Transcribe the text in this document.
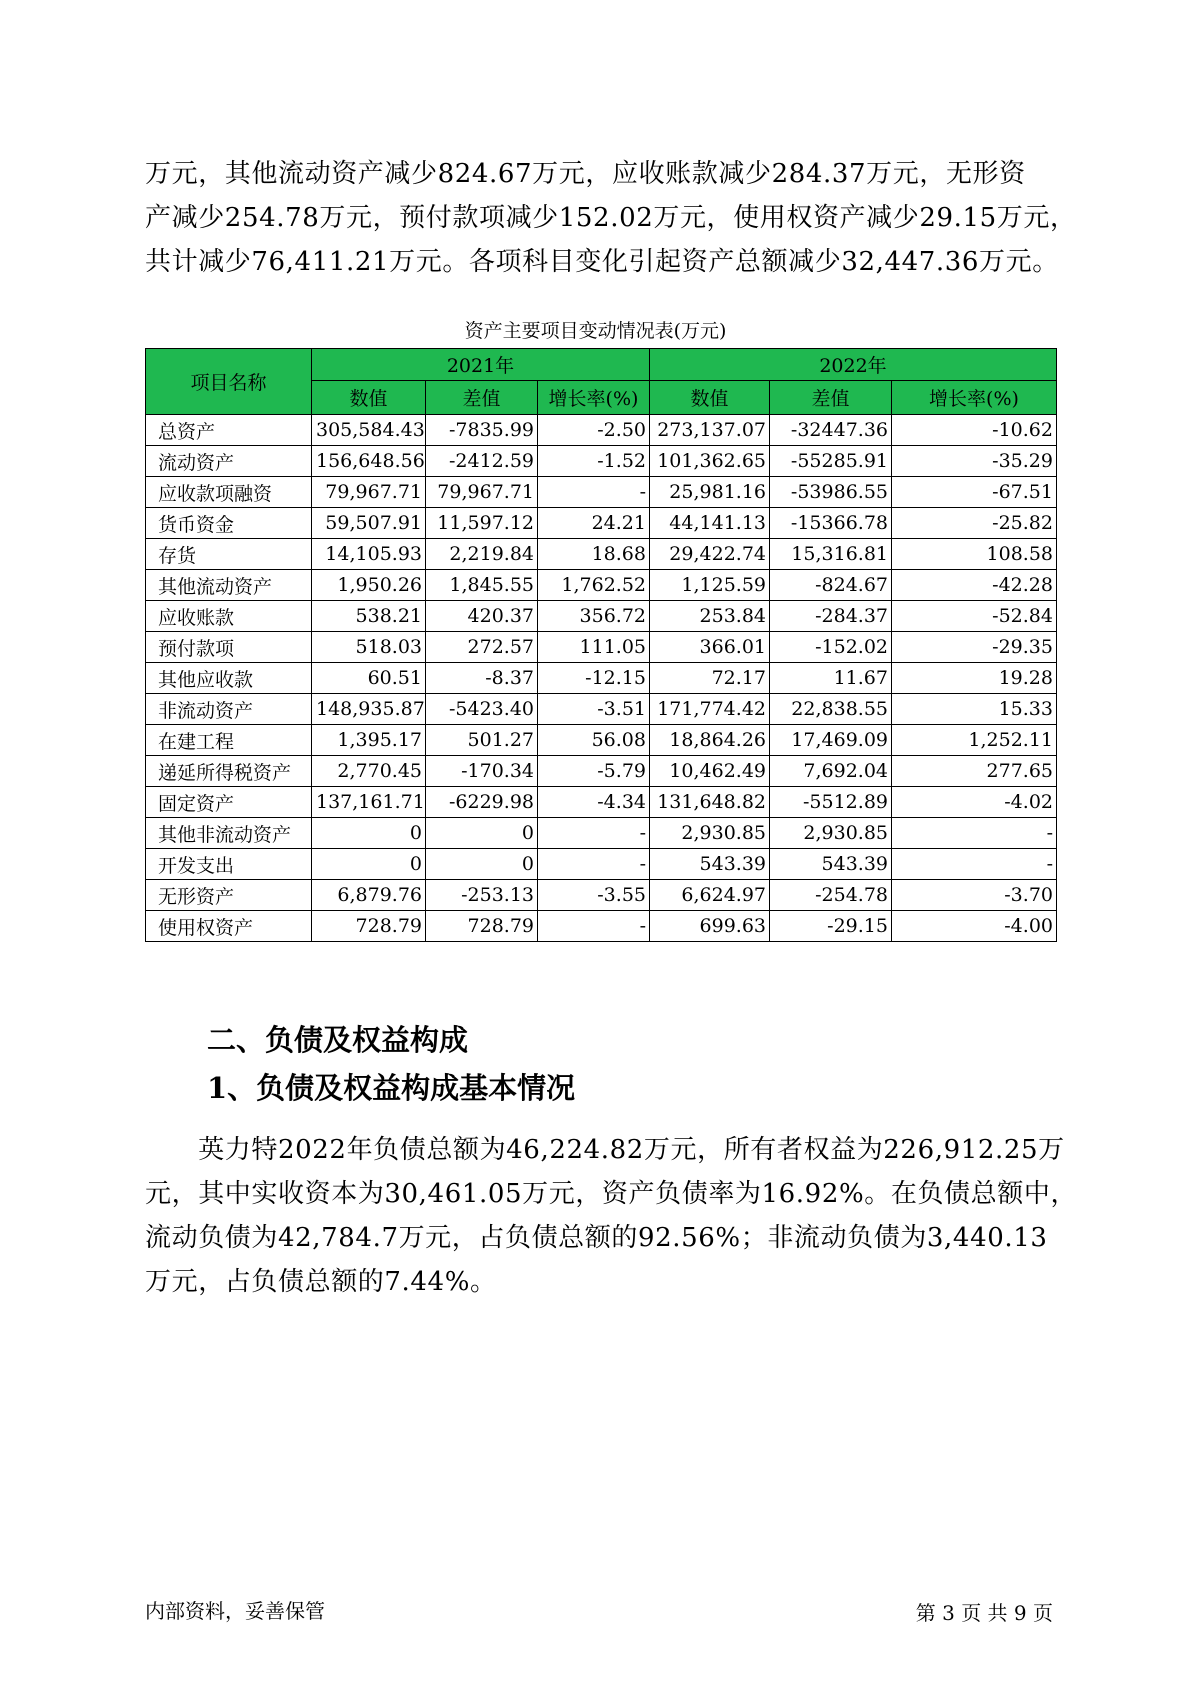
万元，其他流动资产减少824.67万元，应收账款减少284.37万元，无形资
产减少254.78万元，预付款项减少152.02万元，使用权资产减少29.15万元，
共计减少76,411.21万元。各项科目变化引起资产总额减少32,447.36万元。

资产主要项目变动情况表(万元)
项目名称	2021年			2022年		
	数值	差值	增长率(%)	数值	差值	增长率(%)
总资产	305,584.43	-7835.99	-2.50	273,137.07	-32447.36	-10.62
流动资产	156,648.56	-2412.59	-1.52	101,362.65	-55285.91	-35.29
应收款项融资	79,967.71	79,967.71	-	25,981.16	-53986.55	-67.51
货币资金	59,507.91	11,597.12	24.21	44,141.13	-15366.78	-25.82
存货	14,105.93	2,219.84	18.68	29,422.74	15,316.81	108.58
其他流动资产	1,950.26	1,845.55	1,762.52	1,125.59	-824.67	-42.28
应收账款	538.21	420.37	356.72	253.84	-284.37	-52.84
预付款项	518.03	272.57	111.05	366.01	-152.02	-29.35
其他应收款	60.51	-8.37	-12.15	72.17	11.67	19.28
非流动资产	148,935.87	-5423.40	-3.51	171,774.42	22,838.55	15.33
在建工程	1,395.17	501.27	56.08	18,864.26	17,469.09	1,252.11
递延所得税资产	2,770.45	-170.34	-5.79	10,462.49	7,692.04	277.65
固定资产	137,161.71	-6229.98	-4.34	131,648.82	-5512.89	-4.02
其他非流动资产	0	0	-	2,930.85	2,930.85	-
开发支出	0	0	-	543.39	543.39	-
无形资产	6,879.76	-253.13	-3.55	6,624.97	-254.78	-3.70
使用权资产	728.79	728.79	-	699.63	-29.15	-4.00
二、负债及权益构成
1、负债及权益构成基本情况

　　英力特2022年负债总额为46,224.82万元，所有者权益为226,912.25万
元，其中实收资本为30,461.05万元，资产负债率为16.92%。在负债总额中，
流动负债为42,784.7万元，占负债总额的92.56%；非流动负债为3,440.13
万元，占负债总额的7.44%。

内部资料，妥善保管	第 3 页 共 9 页
